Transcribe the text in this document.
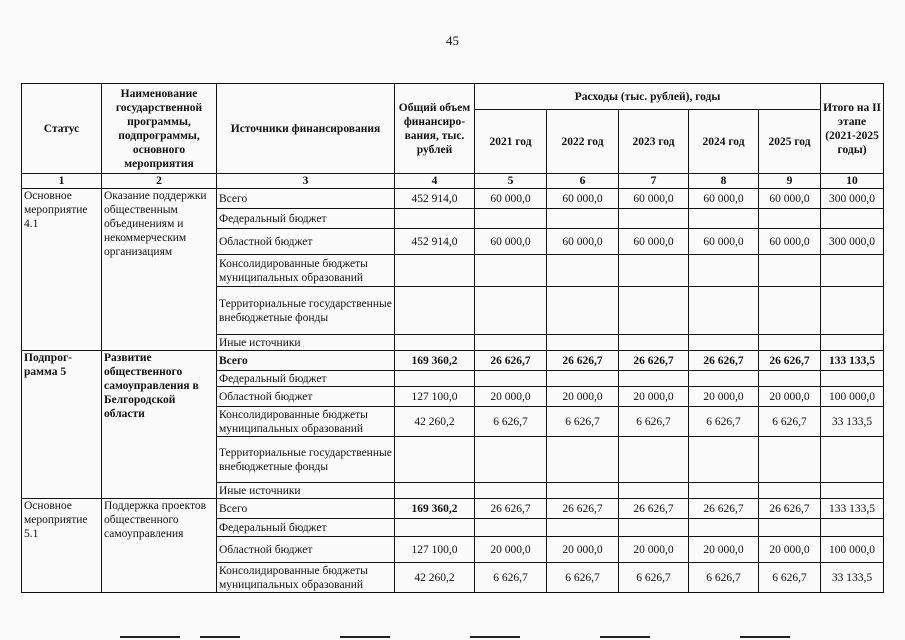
45
Статус	Наименование государственной программы, подпрограммы, основного мероприятия	Источники финансирования	Общий объем финансиро-вания, тыс. рублей	Расходы (тыс. рублей), годы					Итого на II этапе (2021-2025 годы)
				2021 год	2022 год	2023 год	2024 год	2025 год	
1	2	3	4	5	6	7	8	9	10
Основное мероприятие 4.1	Оказание поддержки общественным объединениям и некоммерческим организациям	Всего	452 914,0	60 000,0	60 000,0	60 000,0	60 000,0	60 000,0	300 000,0
		Федеральный бюджет							
		Областной бюджет	452 914,0	60 000,0	60 000,0	60 000,0	60 000,0	60 000,0	300 000,0
		Консолидированные бюджеты муниципальных образований							
		Территориальные государственные внебюджетные фонды							
		Иные источники							
Подпрог-рамма 5	Развитие общественного самоуправления в Белгородской области	Всего	169 360,2	26 626,7	26 626,7	26 626,7	26 626,7	26 626,7	133 133,5
		Федеральный бюджет							
		Областной бюджет	127 100,0	20 000,0	20 000,0	20 000,0	20 000,0	20 000,0	100 000,0
		Консолидированные бюджеты муниципальных образований	42 260,2	6 626,7	6 626,7	6 626,7	6 626,7	6 626,7	33 133,5
		Территориальные государственные внебюджетные фонды							
		Иные источники							
Основное мероприятие 5.1	Поддержка проектов общественного самоуправления	Всего	169 360,2	26 626,7	26 626,7	26 626,7	26 626,7	26 626,7	133 133,5
		Федеральный бюджет							
		Областной бюджет	127 100,0	20 000,0	20 000,0	20 000,0	20 000,0	20 000,0	100 000,0
		Консолидированные бюджеты муниципальных образований	42 260,2	6 626,7	6 626,7	6 626,7	6 626,7	6 626,7	33 133,5
